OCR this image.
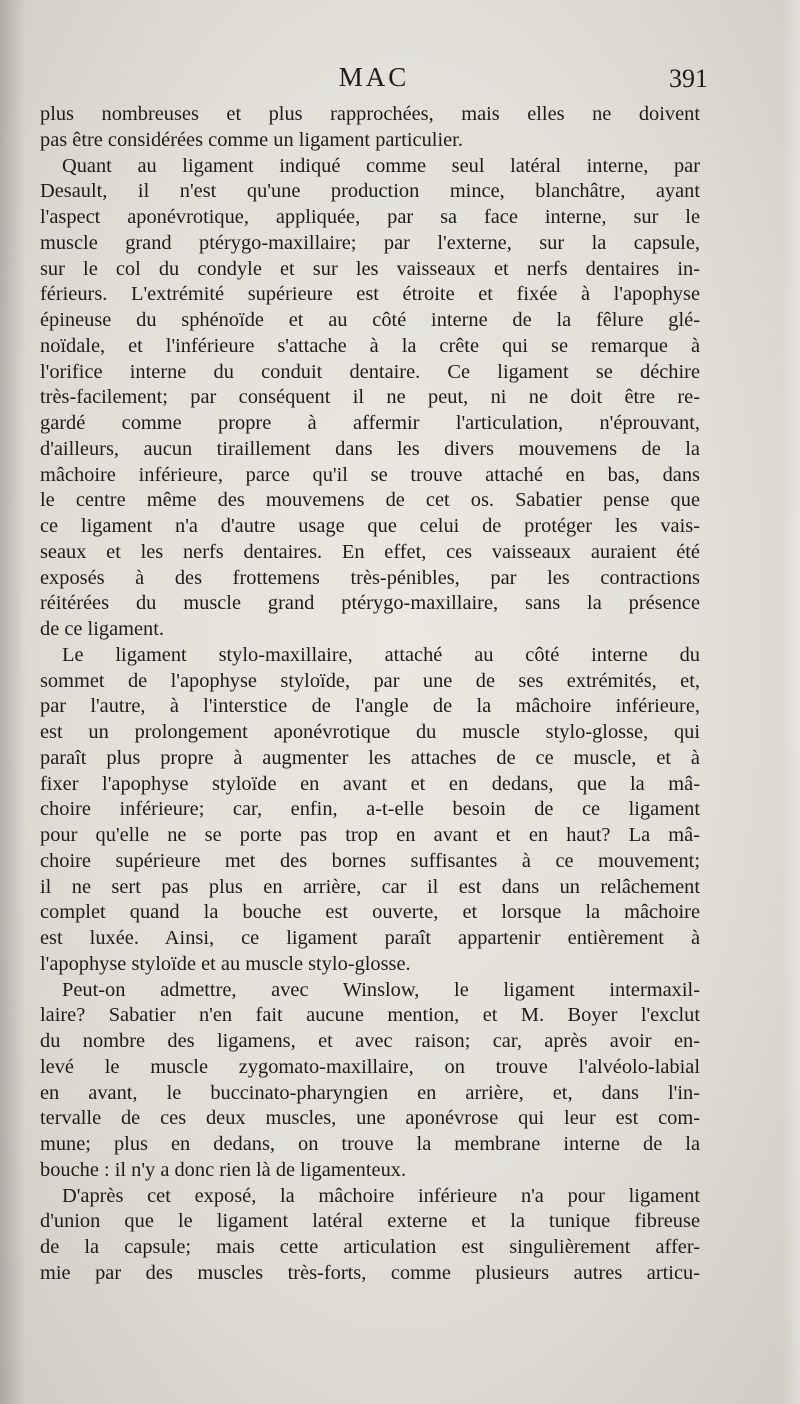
MAC	391
plus nombreuses et plus rapprochées, mais elles ne doivent
pas être considérées comme un ligament particulier.
Quant au ligament indiqué comme seul latéral interne, par
Desault, il n'est qu'une production mince, blanchâtre, ayant
l'aspect aponévrotique, appliquée, par sa face interne, sur le
muscle grand ptérygo-maxillaire; par l'externe, sur la capsule,
sur le col du condyle et sur les vaisseaux et nerfs dentaires in-
férieurs. L'extrémité supérieure est étroite et fixée à l'apophyse
épineuse du sphénoïde et au côté interne de la fêlure glé-
noïdale, et l'inférieure s'attache à la crête qui se remarque à
l'orifice interne du conduit dentaire. Ce ligament se déchire
très-facilement; par conséquent il ne peut, ni ne doit être re-
gardé comme propre à affermir l'articulation, n'éprouvant,
d'ailleurs, aucun tiraillement dans les divers mouvemens de la
mâchoire inférieure, parce qu'il se trouve attaché en bas, dans
le centre même des mouvemens de cet os. Sabatier pense que
ce ligament n'a d'autre usage que celui de protéger les vais-
seaux et les nerfs dentaires. En effet, ces vaisseaux auraient été
exposés à des frottemens très-pénibles, par les contractions
réitérées du muscle grand ptérygo-maxillaire, sans la présence
de ce ligament.
Le ligament stylo-maxillaire, attaché au côté interne du
sommet de l'apophyse styloïde, par une de ses extrémités, et,
par l'autre, à l'interstice de l'angle de la mâchoire inférieure,
est un prolongement aponévrotique du muscle stylo-glosse, qui
paraît plus propre à augmenter les attaches de ce muscle, et à
fixer l'apophyse styloïde en avant et en dedans, que la mâ-
choire inférieure; car, enfin, a-t-elle besoin de ce ligament
pour qu'elle ne se porte pas trop en avant et en haut? La mâ-
choire supérieure met des bornes suffisantes à ce mouvement;
il ne sert pas plus en arrière, car il est dans un relâchement
complet quand la bouche est ouverte, et lorsque la mâchoire
est luxée. Ainsi, ce ligament paraît appartenir entièrement à
l'apophyse styloïde et au muscle stylo-glosse.
Peut-on admettre, avec Winslow, le ligament intermaxil-
laire? Sabatier n'en fait aucune mention, et M. Boyer l'exclut
du nombre des ligamens, et avec raison; car, après avoir en-
levé le muscle zygomato-maxillaire, on trouve l'alvéolo-labial
en avant, le buccinato-pharyngien en arrière, et, dans l'in-
tervalle de ces deux muscles, une aponévrose qui leur est com-
mune; plus en dedans, on trouve la membrane interne de la
bouche : il n'y a donc rien là de ligamenteux.
D'après cet exposé, la mâchoire inférieure n'a pour ligament
d'union que le ligament latéral externe et la tunique fibreuse
de la capsule; mais cette articulation est singulièrement affer-
mie par des muscles très-forts, comme plusieurs autres articu-
